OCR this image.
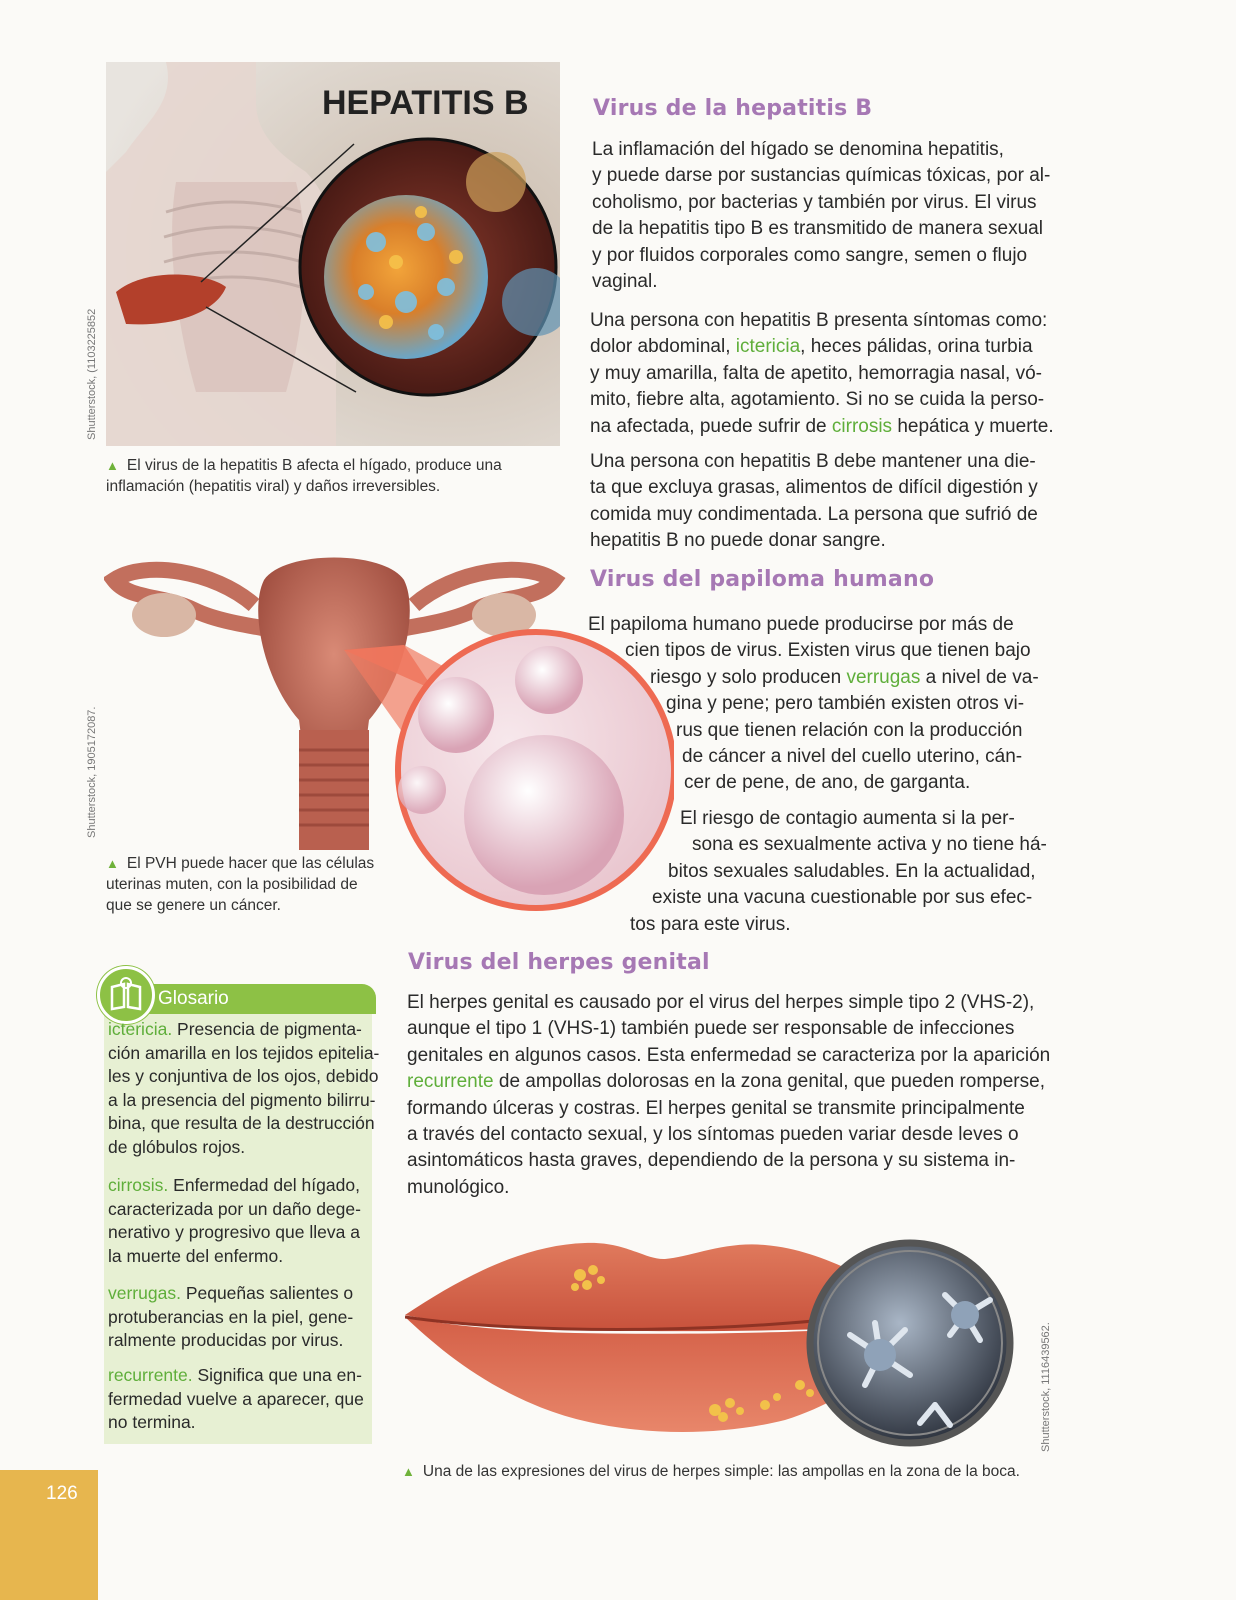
HEPATITIS B
Shutterstock, (1103225852
▲ El virus de la hepatitis B afecta el hígado, produce una
inflamación (hepatitis viral) y daños irreversibles.
Shutterstock, 1905172087.
▲ El PVH puede hacer que las células
uterinas muten, con la posibilidad de
que se genere un cáncer.
Virus de la hepatitis B
La inflamación del hígado se denomina hepatitis,
y puede darse por sustancias químicas tóxicas, por al-
coholismo, por bacterias y también por virus. El virus
de la hepatitis tipo B es transmitido de manera sexual
y por fluidos corporales como sangre, semen o flujo
vaginal.
Una persona con hepatitis B presenta síntomas como:
dolor abdominal, ictericia, heces pálidas, orina turbia
y muy amarilla, falta de apetito, hemorragia nasal, vó-
mito, fiebre alta, agotamiento. Si no se cuida la perso-
na afectada, puede sufrir de cirrosis hepática y muerte.
Una persona con hepatitis B debe mantener una die-
ta que excluya grasas, alimentos de difícil digestión y
comida muy condimentada. La persona que sufrió de
hepatitis B no puede donar sangre.
Virus del papiloma humano
El papiloma humano puede producirse por más de
cien tipos de virus. Existen virus que tienen bajo
riesgo y solo producen verrugas a nivel de va-
gina y pene; pero también existen otros vi-
rus que tienen relación con la producción
de cáncer a nivel del cuello uterino, cán-
cer de pene, de ano, de garganta.
El riesgo de contagio aumenta si la per-
sona es sexualmente activa y no tiene há-
bitos sexuales saludables. En la actualidad,
existe una vacuna cuestionable por sus efec-
tos para este virus.
Virus del herpes genital
El herpes genital es causado por el virus del herpes simple tipo 2 (VHS-2),
aunque el tipo 1 (VHS-1) también puede ser responsable de infecciones
genitales en algunos casos. Esta enfermedad se caracteriza por la aparición
recurrente de ampollas dolorosas en la zona genital, que pueden romperse,
formando úlceras y costras. El herpes genital se transmite principalmente
a través del contacto sexual, y los síntomas pueden variar desde leves o
asintomáticos hasta graves, dependiendo de la persona y su sistema in-
munológico.
Shutterstock, 1116439562.
▲ Una de las expresiones del virus de herpes simple: las ampollas en la zona de la boca.
Glosario
ictericia. Presencia de pigmenta-
ción amarilla en los tejidos epitelia-
les y conjuntiva de los ojos, debido
a la presencia del pigmento bilirru-
bina, que resulta de la destrucción
de glóbulos rojos.
cirrosis. Enfermedad del hígado,
caracterizada por un daño dege-
nerativo y progresivo que lleva a
la muerte del enfermo.
verrugas. Pequeñas salientes o
protuberancias en la piel, gene-
ralmente producidas por virus.
recurrente. Significa que una en-
fermedad vuelve a aparecer, que
no termina.
126
